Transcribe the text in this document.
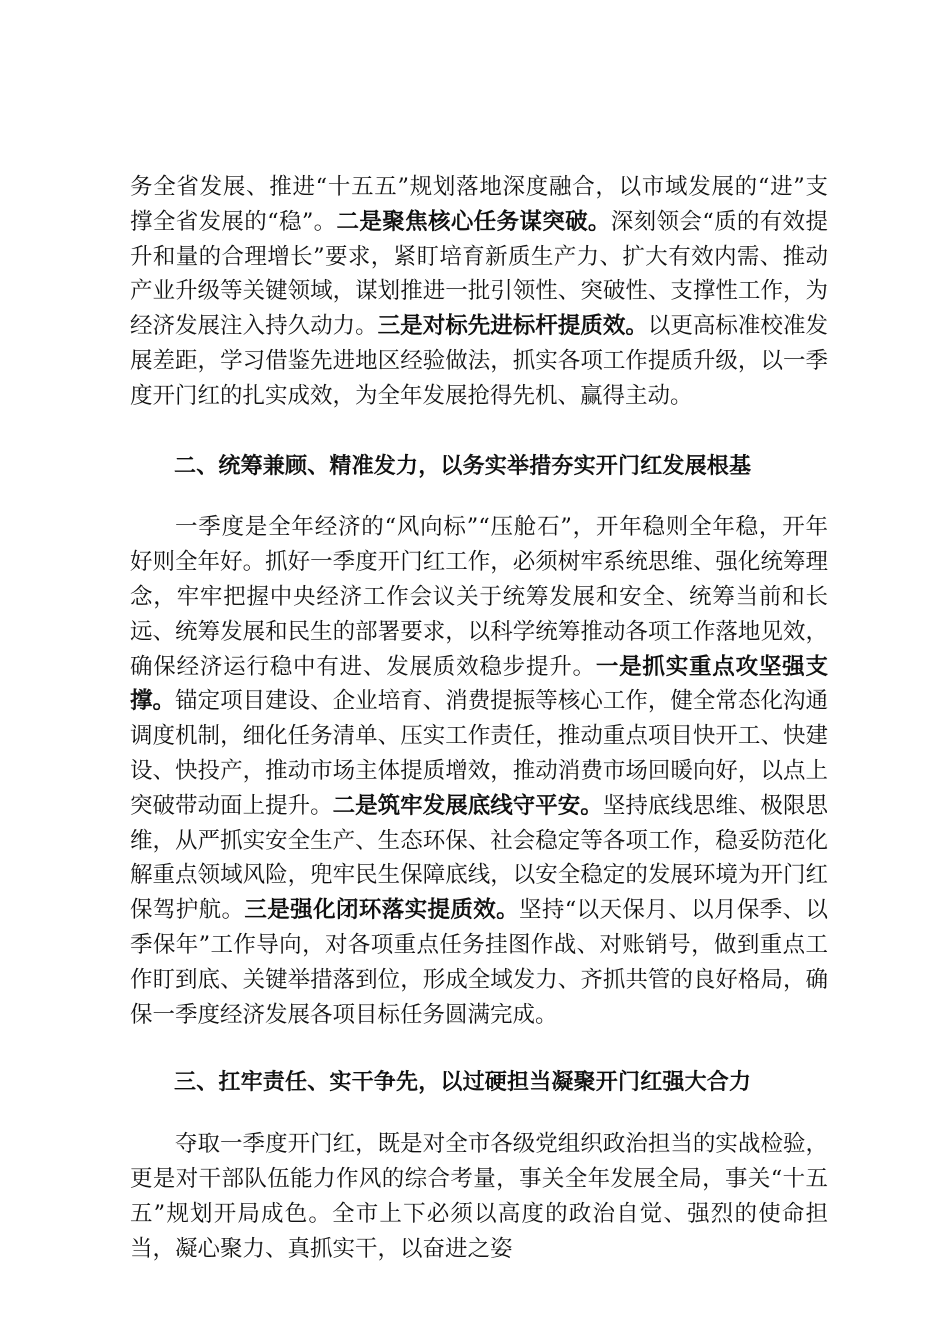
务全省发展、推进“十五五”规划落地深度融合，以市域发展的“进”支撑全省发展的“稳”。二是聚焦核心任务谋突破。深刻领会“质的有效提升和量的合理增长”要求，紧盯培育新质生产力、扩大有效内需、推动产业升级等关键领域，谋划推进一批引领性、突破性、支撑性工作，为经济发展注入持久动力。三是对标先进标杆提质效。以更高标准校准发展差距，学习借鉴先进地区经验做法，抓实各项工作提质升级，以一季度开门红的扎实成效，为全年发展抢得先机、赢得主动。

二、统筹兼顾、精准发力，以务实举措夯实开门红发展根基

一季度是全年经济的“风向标”“压舱石”，开年稳则全年稳，开年好则全年好。抓好一季度开门红工作，必须树牢系统思维、强化统筹理念，牢牢把握中央经济工作会议关于统筹发展和安全、统筹当前和长远、统筹发展和民生的部署要求，以科学统筹推动各项工作落地见效，确保经济运行稳中有进、发展质效稳步提升。一是抓实重点攻坚强支撑。锚定项目建设、企业培育、消费提振等核心工作，健全常态化沟通调度机制，细化任务清单、压实工作责任，推动重点项目快开工、快建设、快投产，推动市场主体提质增效，推动消费市场回暖向好，以点上突破带动面上提升。二是筑牢发展底线守平安。坚持底线思维、极限思维，从严抓实安全生产、生态环保、社会稳定等各项工作，稳妥防范化解重点领域风险，兜牢民生保障底线，以安全稳定的发展环境为开门红保驾护航。三是强化闭环落实提质效。坚持“以天保月、以月保季、以季保年”工作导向，对各项重点任务挂图作战、对账销号，做到重点工作盯到底、关键举措落到位，形成全域发力、齐抓共管的良好格局，确保一季度经济发展各项目标任务圆满完成。

三、扛牢责任、实干争先，以过硬担当凝聚开门红强大合力

夺取一季度开门红，既是对全市各级党组织政治担当的实战检验，更是对干部队伍能力作风的综合考量，事关全年发展全局，事关“十五五”规划开局成色。全市上下必须以高度的政治自觉、强烈的使命担当，凝心聚力、真抓实干，以奋进之姿
